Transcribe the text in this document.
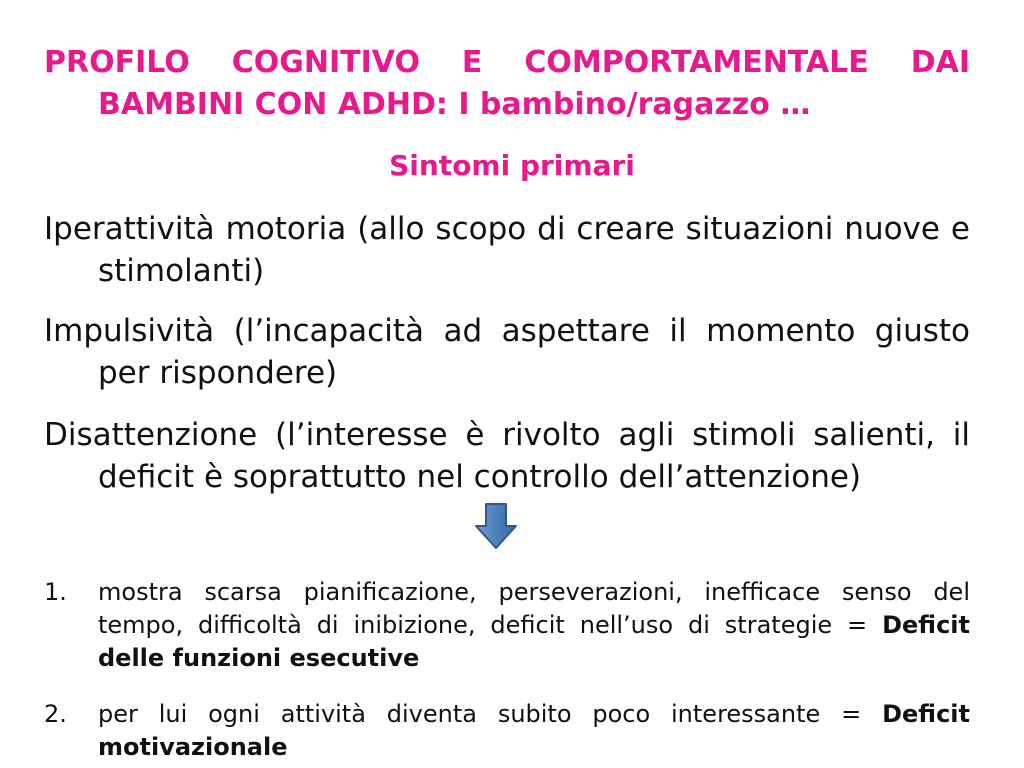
PROFILO COGNITIVO E COMPORTAMENTALE DAI BAMBINI CON ADHD: I bambino/ragazzo …
Sintomi primari
Iperattività motoria (allo scopo di creare situazioni nuove e stimolanti)
Impulsività (l’incapacità ad aspettare il momento giusto per rispondere)
Disattenzione (l’interesse è rivolto agli stimoli salienti, il deficit è soprattutto nel controllo dell’attenzione)
1.	mostra scarsa pianificazione, perseverazioni, inefficace senso del tempo, difficoltà di inibizione, deficit nell’uso di strategie = Deficit delle funzioni esecutive
2.	per lui ogni attività diventa subito poco interessante = Deficit motivazionale
